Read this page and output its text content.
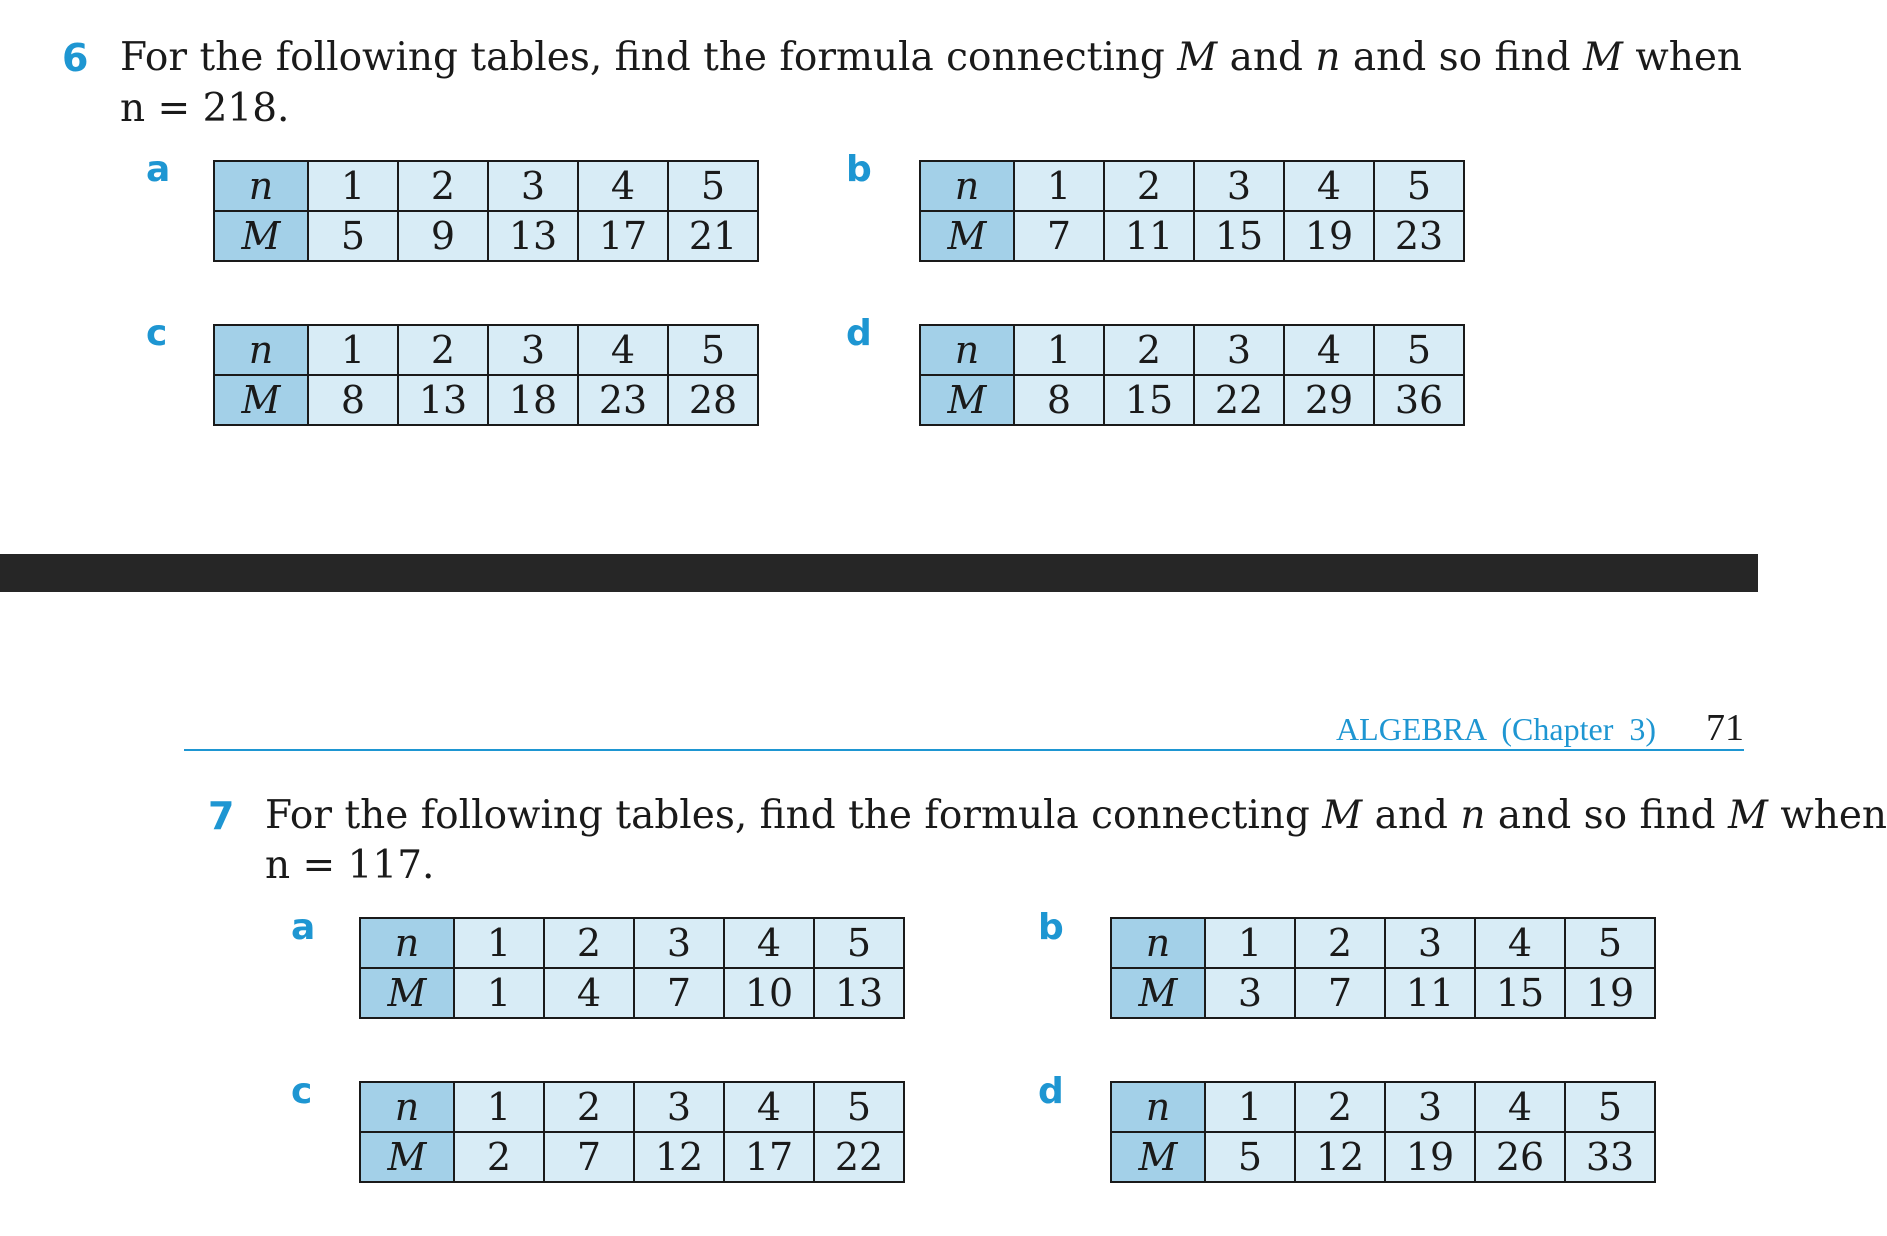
6 For the following tables, find the formula connecting M and n and so find M when
n = 218.
a	b
c	d
n	1	2	3	4	5
M	5	9	13	17	21
n	1	2	3	4	5
M	7	11	15	19	23
n	1	2	3	4	5
M	8	13	18	23	28
n	1	2	3	4	5
M	8	15	22	29	36
ALGEBRA (Chapter 3) 71
7 For the following tables, find the formula connecting M and n and so find M when
n = 117.
a	b
c	d
n	1	2	3	4	5
M	1	4	7	10	13
n	1	2	3	4	5
M	3	7	11	15	19
n	1	2	3	4	5
M	2	7	12	17	22
n	1	2	3	4	5
M	5	12	19	26	33
